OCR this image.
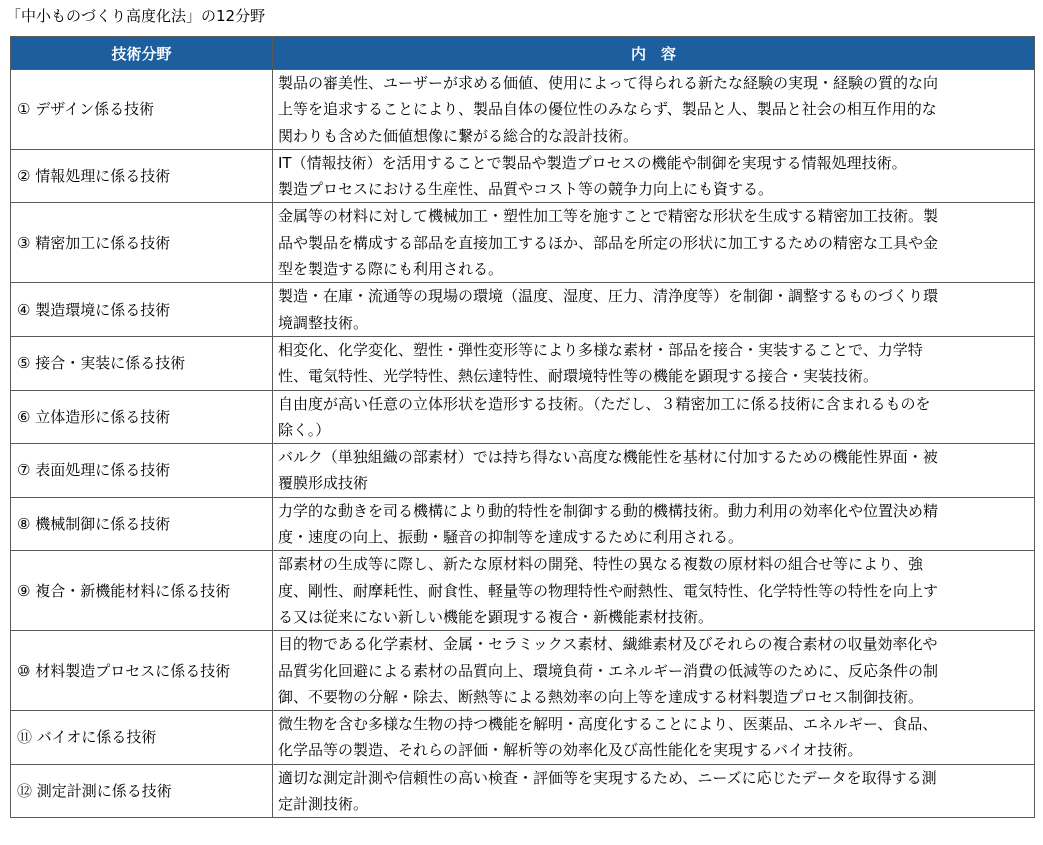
「中小ものづくり高度化法」の12分野
技術分野	内　容
① デザイン係る技術	製品の審美性、ユーザーが求める価値、使用によって得られる新たな経験の実現・経験の質的な向
上等を追求することにより、製品自体の優位性のみならず、製品と人、製品と社会の相互作用的な
関わりも含めた価値想像に繋がる総合的な設計技術。

② 情報処理に係る技術	IT（情報技術）を活用することで製品や製造プロセスの機能や制御を実現する情報処理技術。
製造プロセスにおける生産性、品質やコスト等の競争力向上にも資する。

③ 精密加工に係る技術	金属等の材料に対して機械加工・塑性加工等を施すことで精密な形状を生成する精密加工技術。製
品や製品を構成する部品を直接加工するほか、部品を所定の形状に加工するための精密な工具や金
型を製造する際にも利用される。

④ 製造環境に係る技術	製造・在庫・流通等の現場の環境（温度、湿度、圧力、清浄度等）を制御・調整するものづくり環
境調整技術。

⑤ 接合・実装に係る技術	相変化、化学変化、塑性・弾性変形等により多様な素材・部品を接合・実装することで、力学特
性、電気特性、光学特性、熱伝達特性、耐環境特性等の機能を顕現する接合・実装技術。

⑥ 立体造形に係る技術	自由度が高い任意の立体形状を造形する技術。（ただし、３精密加工に係る技術に含まれるものを
除く。）

⑦ 表面処理に係る技術	バルク（単独組織の部素材）では持ち得ない高度な機能性を基材に付加するための機能性界面・被
覆膜形成技術

⑧ 機械制御に係る技術	力学的な動きを司る機構により動的特性を制御する動的機構技術。動力利用の効率化や位置決め精
度・速度の向上、振動・騒音の抑制等を達成するために利用される。

⑨ 複合・新機能材料に係る技術	部素材の生成等に際し、新たな原材料の開発、特性の異なる複数の原材料の組合せ等により、強
度、剛性、耐摩耗性、耐食性、軽量等の物理特性や耐熱性、電気特性、化学特性等の特性を向上す
る又は従来にない新しい機能を顕現する複合・新機能素材技術。

⑩ 材料製造プロセスに係る技術	目的物である化学素材、金属・セラミックス素材、繊維素材及びそれらの複合素材の収量効率化や
品質劣化回避による素材の品質向上、環境負荷・エネルギー消費の低減等のために、反応条件の制
御、不要物の分解・除去、断熱等による熱効率の向上等を達成する材料製造プロセス制御技術。

⑪ バイオに係る技術	微生物を含む多様な生物の持つ機能を解明・高度化することにより、医薬品、エネルギー、食品、
化学品等の製造、それらの評価・解析等の効率化及び高性能化を実現するバイオ技術。

⑫ 測定計測に係る技術	適切な測定計測や信頼性の高い検査・評価等を実現するため、ニーズに応じたデータを取得する測
定計測技術。
